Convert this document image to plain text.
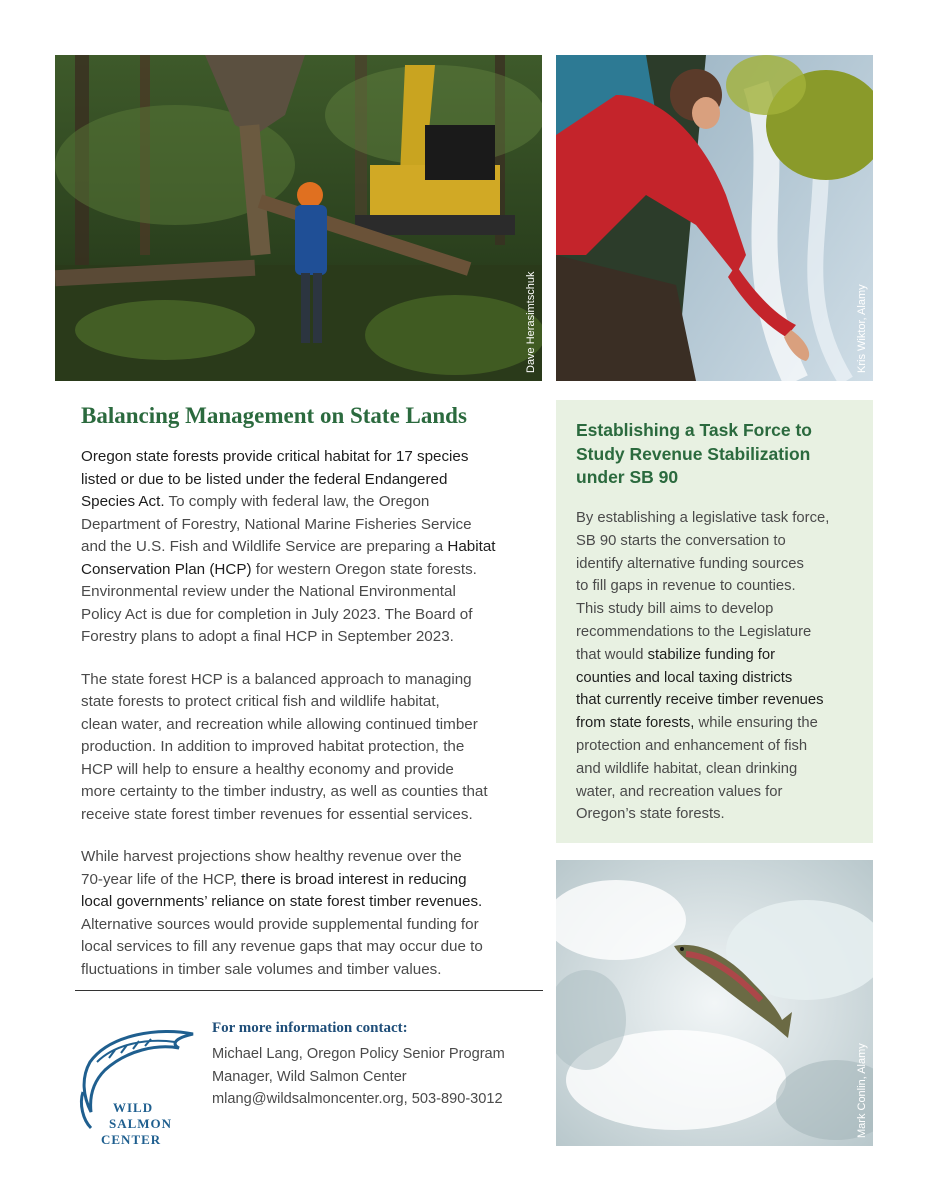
Dave Herasimtschuk	Kris Wiktor, Alamy
Balancing Management on State Lands

Oregon state forests provide critical habitat for 17 species
listed or due to be listed under the federal Endangered
Species Act. To comply with federal law, the Oregon
Department of Forestry, National Marine Fisheries Service
and the U.S. Fish and Wildlife Service are preparing a Habitat
Conservation Plan (HCP) for western Oregon state forests.
Environmental review under the National Environmental
Policy Act is due for completion in July 2023. The Board of
Forestry plans to adopt a final HCP in September 2023.

The state forest HCP is a balanced approach to managing
state forests to protect critical fish and wildlife habitat,
clean water, and recreation while allowing continued timber
production. In addition to improved habitat protection, the
HCP will help to ensure a healthy economy and provide
more certainty to the timber industry, as well as counties that
receive state forest timber revenues for essential services.

While harvest projections show healthy revenue over the
70-year life of the HCP, there is broad interest in reducing
local governments’ reliance on state forest timber revenues.
Alternative sources would provide supplemental funding for
local services to fill any revenue gaps that may occur due to
fluctuations in timber sale volumes and timber values.

WILD
SALMON
CENTER
For more information contact:
Michael Lang, Oregon Policy Senior Program
Manager, Wild Salmon Center
mlang@wildsalmoncenter.org, 503-890-3012
Establishing a Task Force to Study Revenue Stabilization under SB 90
By establishing a legislative task force,
SB 90 starts the conversation to
identify alternative funding sources
to fill gaps in revenue to counties.
This study bill aims to develop
recommendations to the Legislature
that would stabilize funding for
counties and local taxing districts
that currently receive timber revenues
from state forests, while ensuring the
protection and enhancement of fish
and wildlife habitat, clean drinking
water, and recreation values for
Oregon’s state forests.
Mark Conlin, Alamy
